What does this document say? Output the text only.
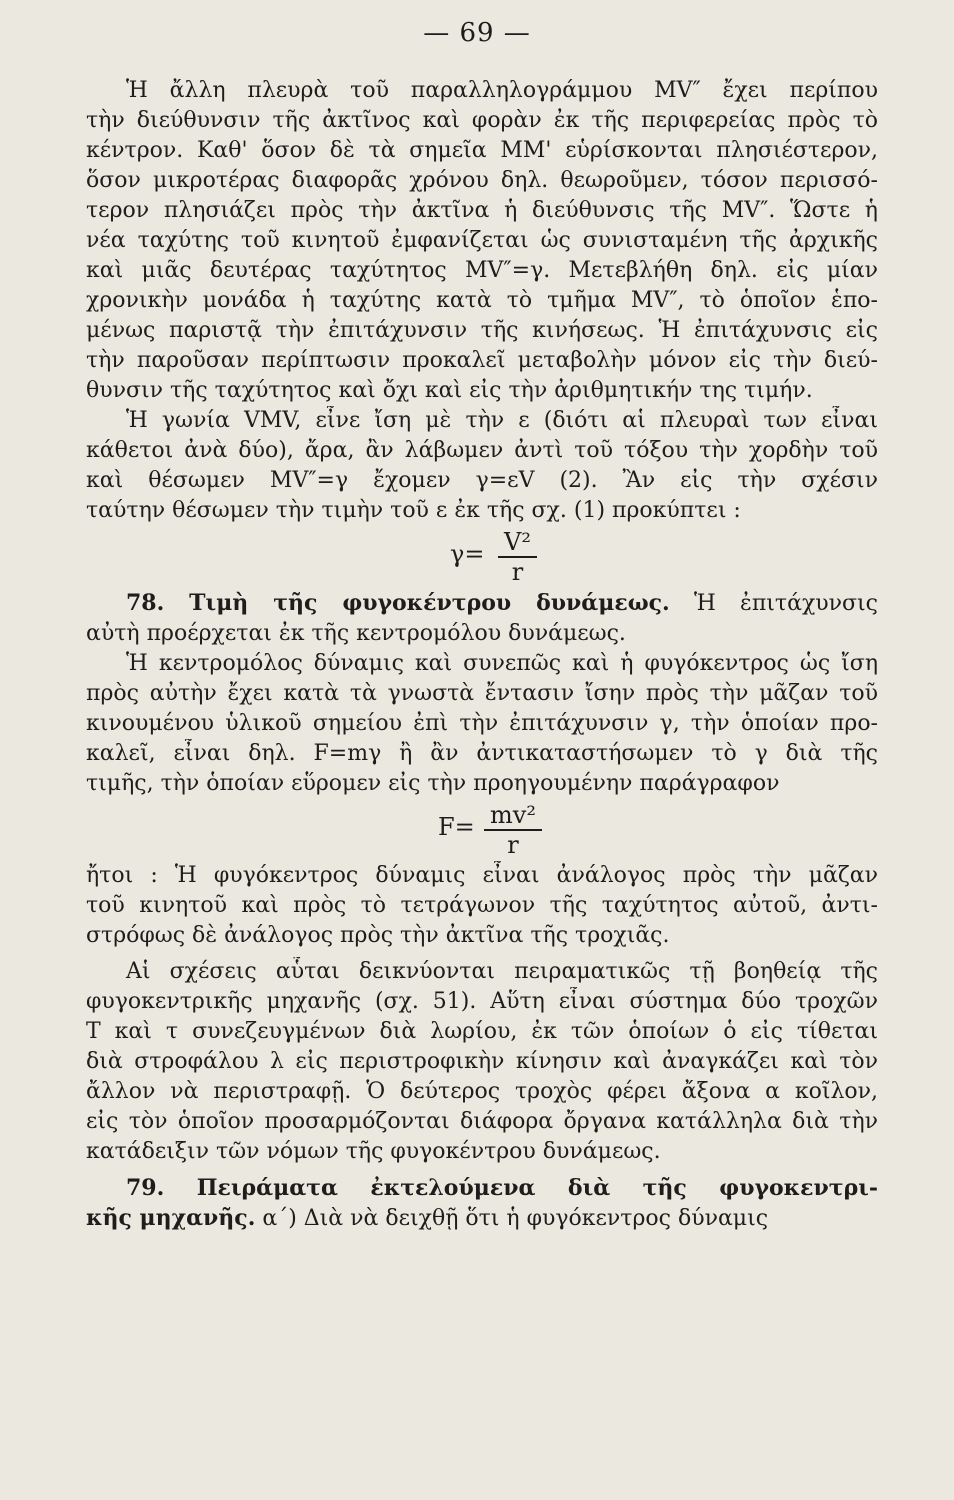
— 69 —
Ἡ ἄλλη πλευρὰ τοῦ παραλληλογράμμου MV″ ἔχει περίπου
τὴν διεύθυνσιν τῆς ἀκτῖνος καὶ φορὰν ἐκ τῆς περιφερείας πρὸς τὸ
κέντρον. Καθ' ὅσον δὲ τὰ σημεῖα MM' εὑρίσκονται πλησιέστερον,
ὅσον μικροτέρας διαφορᾶς χρόνου δηλ. θεωροῦμεν, τόσον περισσό-
τερον πλησιάζει πρὸς τὴν ἀκτῖνα ἡ διεύθυνσις τῆς MV″. Ὥστε ἡ
νέα ταχύτης τοῦ κινητοῦ ἐμφανίζεται ὡς συνισταμένη τῆς ἀρχικῆς
καὶ μιᾶς δευτέρας ταχύτητος MV″=γ. Μετεβλήθη δηλ. εἰς μίαν
χρονικὴν μονάδα ἡ ταχύτης κατὰ τὸ τμῆμα MV″, τὸ ὁποῖον ἑπο-
μένως παριστᾷ τὴν ἐπιτάχυνσιν τῆς κινήσεως. Ἡ ἐπιτάχυνσις εἰς
τὴν παροῦσαν περίπτωσιν προκαλεῖ μεταβολὴν μόνον εἰς τὴν διεύ-
θυνσιν τῆς ταχύτητος καὶ ὄχι καὶ εἰς τὴν ἀριθμητικήν της τιμήν.
Ἡ γωνία VMV, εἶνε ἴση μὲ τὴν ε (διότι αἱ πλευραὶ των εἶναι
κάθετοι ἀνὰ δύο), ἄρα, ἂν λάβωμεν ἀντὶ τοῦ τόξου τὴν χορδὴν τοῦ
καὶ θέσωμεν MV″=γ ἔχομεν γ=εV (2). Ἂν εἰς τὴν σχέσιν
ταύτην θέσωμεν τὴν τιμὴν τοῦ ε ἐκ τῆς σχ. (1) προκύπτει :
$\gamma= \frac{\text{V²}}{r}$
78. Τιμὴ τῆς φυγοκέντρου δυνάμεως. Ἡ ἐπιτάχυνσις
αὐτὴ προέρχεται ἐκ τῆς κεντρομόλου δυνάμεως.
Ἡ κεντρομόλος δύναμις καὶ συνεπῶς καὶ ἡ φυγόκεντρος ὡς ἴση
πρὸς αὐτὴν ἔχει κατὰ τὰ γνωστὰ ἔντασιν ἴσην πρὸς τὴν μᾶζαν τοῦ
κινουμένου ὑλικοῦ σημείου ἐπὶ τὴν ἐπιτάχυνσιν γ, τὴν ὁποίαν προ-
καλεῖ, εἶναι δηλ. F=mγ ἢ ἂν ἀντικαταστήσωμεν τὸ γ διὰ τῆς
τιμῆς, τὴν ὁποίαν εὕρομεν εἰς τὴν προηγουμένην παράγραφον
$F= \frac{\text{mv²}}{r}$
ἤτοι : Ἡ φυγόκεντρος δύναμις εἶναι ἀνάλογος πρὸς τὴν μᾶζαν
τοῦ κινητοῦ καὶ πρὸς τὸ τετράγωνον τῆς ταχύτητος αὐτοῦ, ἀντι-
στρόφως δὲ ἀνάλογος πρὸς τὴν ἀκτῖνα τῆς τροχιᾶς.
Αἱ σχέσεις αὗται δεικνύονται πειραματικῶς τῇ βοηθείᾳ τῆς
φυγοκεντρικῆς μηχανῆς (σχ. 51). Αὕτη εἶναι σύστημα δύο τροχῶν
T καὶ τ συνεζευγμένων διὰ λωρίου, ἐκ τῶν ὁποίων ὁ εἰς τίθεται
διὰ στροφάλου λ εἰς περιστροφικὴν κίνησιν καὶ ἀναγκάζει καὶ τὸν
ἄλλον νὰ περιστραφῇ. Ὁ δεύτερος τροχὸς φέρει ἄξονα α κοῖλον,
εἰς τὸν ὁποῖον προσαρμόζονται διάφορα ὄργανα κατάλληλα διὰ τὴν
κατάδειξιν τῶν νόμων τῆς φυγοκέντρου δυνάμεως.
79. Πειράματα ἐκτελούμενα διὰ τῆς φυγοκεντρι-
κῆς μηχανῆς. α΄) Διὰ νὰ δειχθῇ ὅτι ἡ φυγόκεντρος δύναμις
